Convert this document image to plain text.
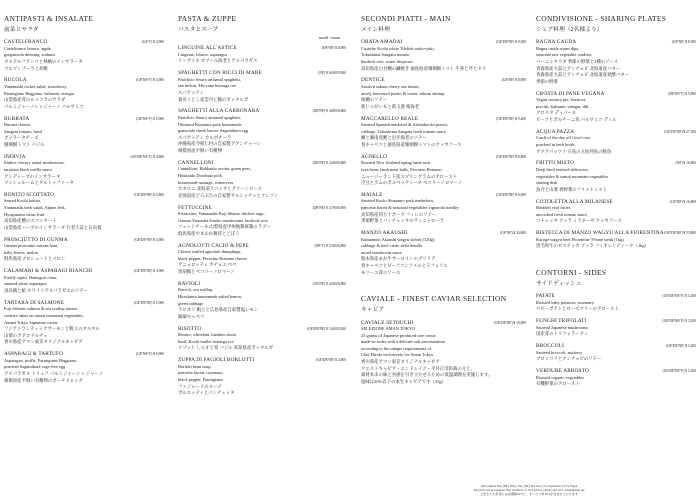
ANTIPASTI & INSALATE
前菜とサラダ
CASTELFRANCO	(GF/V) ¥ 4,900
Castelfranco lettuce, apple,
gorgonzola dressing, walnuts
カステルフランコと林檎のインサラータ
ゴルゴンゾーラと胡桃
RUCOLA	(GF/NF/V) ¥ 4,900
Yamanashi rocket salad, strawberry,
Parmigiano Reggiano, balsamic vinegar
山梨県産苺のルッコラのサラダ
パルミジャーノレッジャーノ バルサミコ
BURRATA	(GF/NF/V) ¥ 5,900
Burrata cheese,
Sangetu tomato, basil
ブッラータチーズ
珊瑚樹トマト バジル
INDIVIA	(GF/DF/NF/V) ¥ 4,800
Endive chicory salad, mushrooms,
tartufata black truffle sauce
アンディーブのインサラータ
マッシュルームとタルトゥファータ
BONITO SCOTTATO	(GF/DF/NF) ¥ 5,800
Seared Kochi bonito,
Yamanashi herb salad, Alpine leek,
Hyuganatsu citrus fruit
高知県産鰹のスコッタート
山梨県産ハーブのインサラータ 行者大蒜と日向夏
PROSCIUTTO DI GUNMA	(GF/DF/NF) ¥ 4,900
Gunma prosciutto artisan ham,
baby leaves, melon
群馬県産プロシュートとメロン
CALAMARI & ASPARAGI BIANCHI	(GF/DF/NF) ¥ 4,900
Firefly squid, Hamaguri clam,
sauteed white asparagus
蛍烏賊と蛤 ホワイトアスパラガスのソテー
TARTARA DI SALMONE	(GF/DF/NF) ¥ 5,000
Fuji Atlantic salmon & sea scallop tartare,
creative takes on sansai mountain vegetables,
Amani Tokyo Signature caviar
フジアトランティックサーモンと帆立のタルタル
山菜のアグロドルチェ
香川県産アマン東京オリジナルキャビア
ASPARAGI & TARTUFO	(GF/NF/V) ¥ 6,900
Asparagus, truffle, Parmigiano Reggiano,
poached Sagamihara cage-free egg
アスパラガス トリュフ パルミジャーノ レジャーノ
相模原産平飼い有精卵のポーチドエッグ
PASTA & ZUPPE
パスタとスープ
small / main
LINGUINE ALL'ASTICE	(DF/NF) ¥ 8,900
Linguine, lobster, asparagus
リングイネ オマール海老とアスパラガス
SPAGHETTI CON RICCI DI MARE	(NF) ¥ 6,000/9,000
Pastificio Setaro artisanal spaghetti,
sea urchin, 'Hie tuna bottarga roe
スパゲッティ
貴舟ことし産雲丹と鮪のボッタルガ
SPAGHETTI ALLA CARBONARA	(DF/NF) ¥ 4,800/6,800
Pastificio Setaro artisanal spaghetti,
Okinawa Kitamura pork housemade
guanciale cheek bacon, Sagamihara egg
スパゲッティ カルボナーラ
沖縄県産今帰仁村の自家製グアンチャーレ
相模原産平飼い有精卵
CANNELLONI	(DF/NF) ¥ 4,600/6,800
Cannelloni, Hokkaido ricotta, green peas,
Hokkaido Dorobuta pork
housemade sausage, watercress
カネロニ 北海道リコッタとグリーンピース
北海道産どろぶたの自家製サルシッチャとクレソン
FETTUCCINE	(DF/NF) ¥ 4,700/6,900
Fettuccine, Yamanashi Koji Shamo chicken ragu,
Gunma Yamaoka-Jinoko mushrooms, burdock root
フェットチーネ 山梨県産甲州地鶏軍鶏のラグー
群馬県産やまおか舞茸とごぼう
AGNOLOTTI CACIO & PEPE	(NF/V) ¥ 5,500/6,800
Cheese stuffed agnolotti dumplings,
black pepper, Pecorino Romano cheese
アニョロッティ カチョエ ペペ
黒胡椒とペコリーノロマーノ
RAVIOLI	(GF/NF) ¥ 4,600/6,800
Ravioli, sea scallop,
Hiroshima housemade salted lemon,
green cabbage
ラビオリ 帆立と広島県産自家製塩レモン
縮緬キャベツ
RISOTTO	(GF/DF/NF) ¥ 5,400/8,200
Risotto, whitebait, bamboo shoot
basil, Kochi mullet bottarga roe
リゾット しらすと筍 バジル 高知県産ボッタルガ
ZUPPA DI FAGIOLI BORLOTTI	(GF/DF/NF) ¥ 3,800
Borlotti bean soup,
pancetta bacon, rosemary,
black pepper, Parmigiano
ファジョーリのスープ
ボルロッティとパンチェッタ
SECONDI PIATTI - MAIN
メイン料理
ORATA AMADAI	(GF/DF/NF) ¥ 9,300
Crunchy Kochi white Tilefish uroko-yaki,
Tokushima Sangatu tomato,
burdock root, water dropwort
高知県産白甘鯛の鱗焼き 徳島県産珊瑚樹トマト 牛蒡と芹とセリ
DENTICE	(GF/NF) ¥ 8,900
Sauteed sakura cherry sea bream,
newly harvested potato & onion, sakura shrimp
桜鯛のソテー
新じゃがいもと新玉葱 桜海老
MACCARELLO REALE	(GF/DF/NF) ¥ 9,400
Sauteed Spanish mackerel & Ashitaba-shi prawn,
cabbage, Tokushima Sangatu fresh tomato sauce
鰆と湘南産鰹と足赤海老のソテー
春キャベツと徳島県産珊瑚樹トマトのケッカソース
AGNELLO	(GF/DF/NF) ¥ 8,800
Roasted New Zealand spring lamb rack,
fava bean, lamb meat balls, Pecorino Romano
ニュージーランド産スプリングラムのアロースト
空豆とラムのボルペッティーネ ペコリーノロマーノ
MAIALE	(GF/DF/NF) ¥ 8,900
Sauteed Kochi Shimanto pork tenderloin,
pancetta bacon & seasonal vegetables vignarola medley
高知県産四万十ポーク フィレのソテー
季節野菜とパンチェッタのヴィニャローラ
MANZO AKAUSHI	(GF/NF) ¥ 24,800
Kumamoto Akaushi wagyu sirloin (120g),
cabbage & beef cardo nella deuilla
morel mushroom sauce
熊本県産あか牛サーロインのグリリア
春キャベツとビーフコンソメのとろフォリエ
モリーユ茸のソース
CAVIALE - FINEST CAVIAR SELECTION
キャビア
CAVIALE SETOUCHI	(GF/DF/NF) ¥ 19,000
SELEZIONE AMAN TOKYO
25 grams of Japanese produced rare caviar
made-to-order with a delicate salt concentration
according to the unique requirements of
Chef Hiroki exclusively for Aman Tokyo.
香川県産アマン東京オリジナルキャビア
ウエストキャビア・エンドレイク・平井正司和裁の元と、
素材本来の味と食感を引き立たせるための低温調理を実施します。
塩味は20%以下の本生キャビアです（25g）
CONDIVISIONE - SHARING PLATES
シェア料理（2名様より）
BAGNA CAUDA	(GF/NF) ¥ 8,500
Bagna cauda warm dips,
seasonal raw vegetable crudites
バーニャカウダ 季節の野菜と2種のソース
青森県産大蒜とアンチョビ 北海道産バター
青森県産大蒜とアンチョビ 北海道産発酵バター
季節の野菜
CROSTA DI PANE VEGANA	(DF/NF/V) ¥ 5,900
Vegan savoury pie, beetroot,
porcini, balsamic vinegar, dill
クロスタ ディパーネ
ビーツとポルチーニ茸 バルサミコ ディル
ACQUA PAZZA	(GF/DF/NF) ¥ 27,500
Catch of the day off Goto's sea
poached in herb broth
アクアパッツァ 五島の五島列島の鮮魚
FRITTO MISTO	(NF) ¥ 16,800
Deep fried seafood delicacies,
vegetables & sansai mountain vegetables
sharing dish
魚介と山菜 香野菜のフリットミスト
COTOLETTA ALLA MILANESE	(GF/NF) ¥ 16,800
Breaded veal cutlet,
uncooked fresh tomato sauce
コトレッタ アッラ ミラネーゼ ケッカソース
BISTECCA DI MANZO WAGYU ALLA FIORENTINA (GF/DF/NF) ¥ 53,800
Kuroge wagyu beef Florentine T-bone steak (1kg)
黒毛和牛のビステッカ アッラ フィオレンティーナ（1kg）
CONTORNI - SIDES
サイドディッシュ
PATATE	(GF/DF/NF/V) ¥ 3,200
Roasted baby potatoes, rosemary
ベビーポテトとローズマリーのアロースト
FUNGHI TRIFOLATI	(GF/DF/NF/V) ¥ 3,200
Sauteed Japanese mushrooms
国産茸のトリフォラーティ
BROCCOLI	(GF/DF/NF) ¥ 3,200
Sauteed broccoli, anchovy
ブロッコリとアンチョビのソテー
VERDURE ARROSTO	(GF/DF/NF/V) ¥ 3,200
Roasted organic vegetables
有機野菜のアロースト
(GF) Gluten free, (DF) Dairy free, (NF) Nut free, (V) Vegetarian, (VV) Vegan
All prices are in Japanese Yen, inclusive of 10% service charge and 10% consumption tax
上記全ての料金には消費税10%と、サービス料10%が含まれております
